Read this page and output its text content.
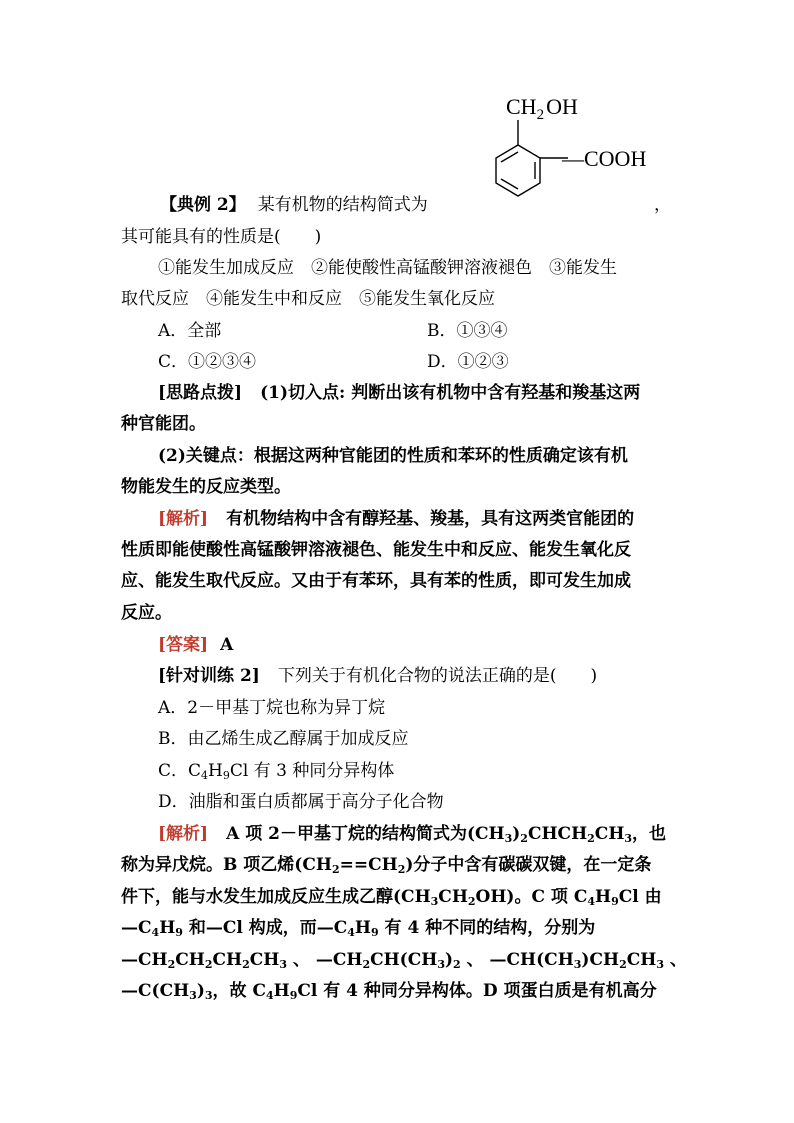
$CH_2OH$
—COOH
【典例 2】 某有机物的结构简式为	，
其可能具有的性质是(　　)
①能发生加成反应　②能使酸性高锰酸钾溶液褪色　③能发生
取代反应　④能发生中和反应　⑤能发生氧化反应
A．全部	B．①③④
C．①②③④	D．①②③
[思路点拨] (1)切入点: 判断出该有机物中含有羟基和羧基这两
种官能团。
(2)关键点：根据这两种官能团的性质和苯环的性质确定该有机
物能发生的反应类型。
[解析] 有机物结构中含有醇羟基、羧基，具有这两类官能团的
性质即能使酸性高锰酸钾溶液褪色、能发生中和反应、能发生氧化反
应、能发生取代反应。又由于有苯环，具有苯的性质，即可发生加成
反应。
[答案] A
[针对训练 2] 下列关于有机化合物的说法正确的是(　　)
A．2－甲基丁烷也称为异丁烷
B．由乙烯生成乙醇属于加成反应
C．$C_4H_9Cl$ 有 3 种同分异构体
D．油脂和蛋白质都属于高分子化合物
[解析] A 项 2－甲基丁烷的结构简式为$(CH_3)_2CHCH_2CH_3$，也
称为异戊烷。B 项乙烯$(CH_2==CH_2)$分子中含有碳碳双键，在一定条
件下，能与水发生加成反应生成乙醇$(CH_3CH_2OH)$。C 项 $C_4H_9Cl$ 由
$—C_4H_9$ 和—Cl 构成，而$—C_4H_9$ 有 4 种不同的结构，分别为
$—CH_2CH_2CH_2CH_3$ 、 $—CH_2CH(CH_3)_2$ 、 $—CH(CH_3)CH_2CH_3$ 、
$—C(CH_3)_3$，故 $C_4H_9Cl$ 有 4 种同分异构体。D 项蛋白质是有机高分
